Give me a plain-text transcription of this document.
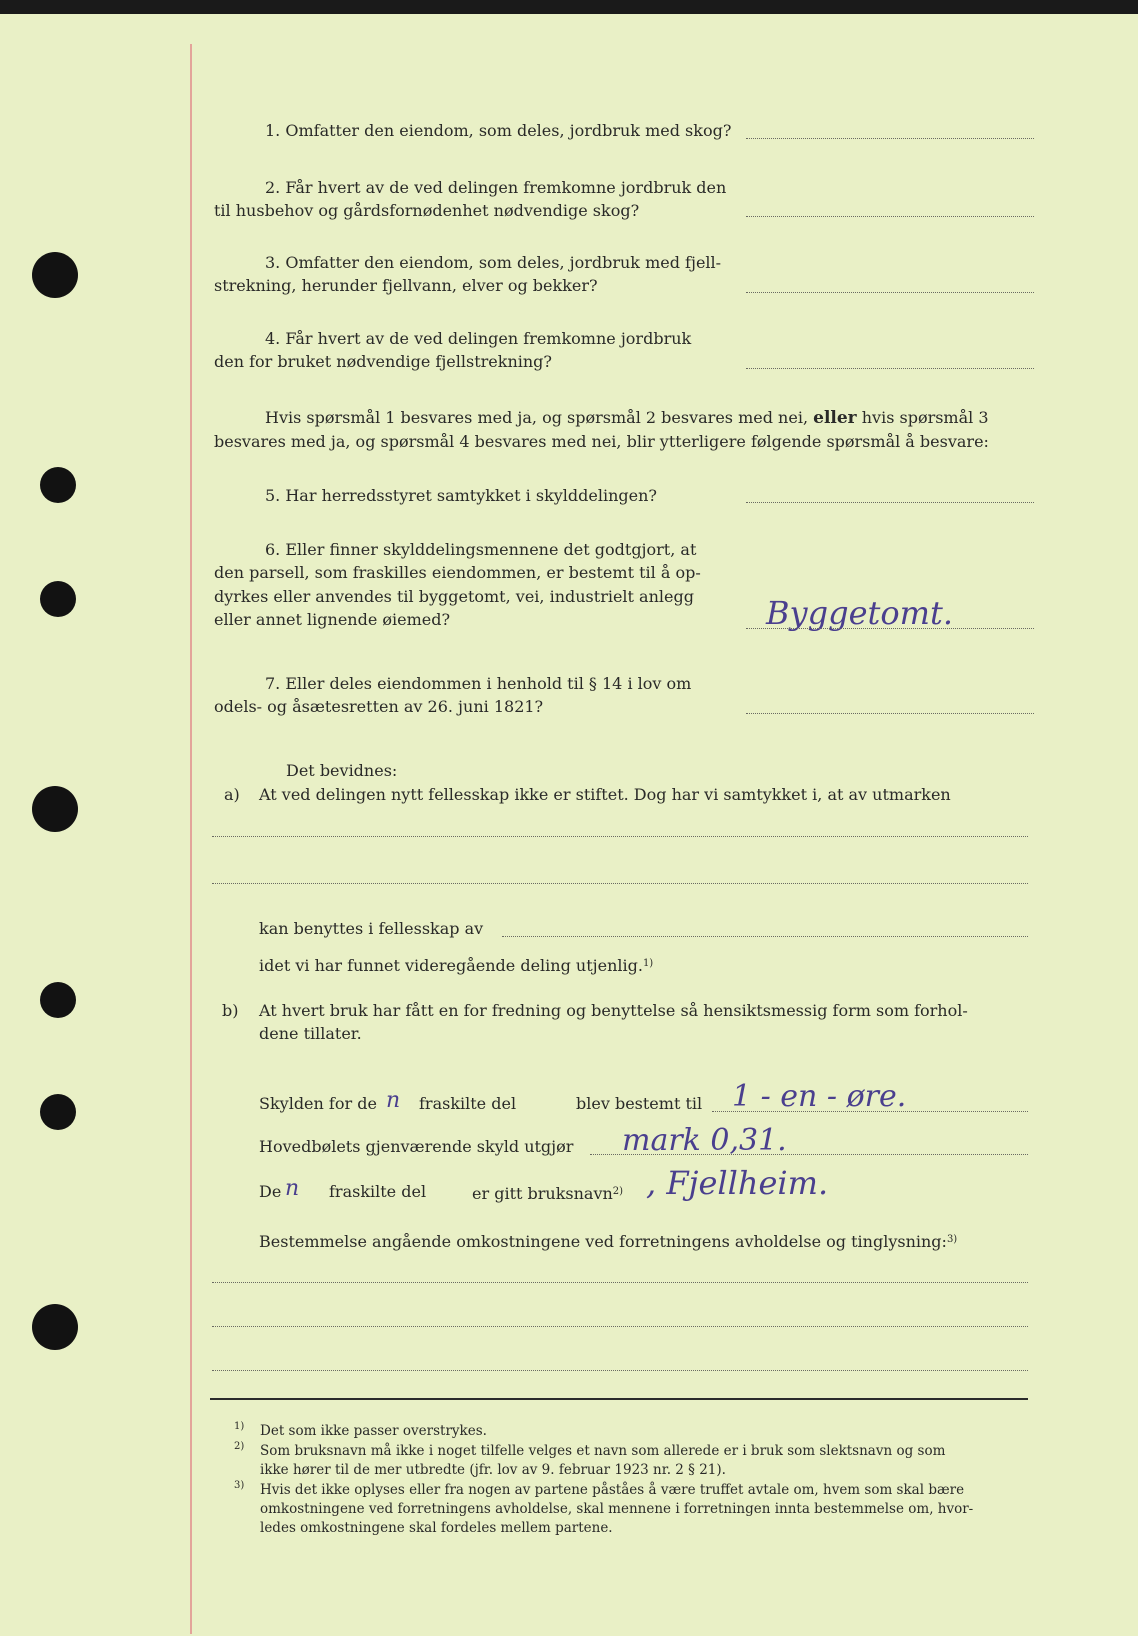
1. Omfatter den eiendom, som deles, jordbruk med skog?
2. Får hvert av de ved delingen fremkomne jordbruk den
til husbehov og gårdsfornødenhet nødvendige skog?
3. Omfatter den eiendom, som deles, jordbruk med fjell-
strekning, herunder fjellvann, elver og bekker?
4. Får hvert av de ved delingen fremkomne jordbruk
den for bruket nødvendige fjellstrekning?
Hvis spørsmål 1 besvares med ja, og spørsmål 2 besvares med nei, eller hvis spørsmål 3
besvares med ja, og spørsmål 4 besvares med nei, blir ytterligere følgende spørsmål å besvare:
5. Har herredsstyret samtykket i skylddelingen?
6. Eller finner skylddelingsmennene det godtgjort, at
den parsell, som fraskilles eiendommen, er bestemt til å op-
dyrkes eller anvendes til byggetomt, vei, industrielt anlegg
eller annet lignende øiemed?	Byggetomt.
7. Eller deles eiendommen i henhold til § 14 i lov om
odels- og åsætesretten av 26. juni 1821?
Det bevidnes:
a) At ved delingen nytt fellesskap ikke er stiftet. Dog har vi samtykket i, at av utmarken
kan benyttes i fellesskap av
idet vi har funnet videregående deling utjenlig.$^{1)}$
b) At hvert bruk har fått en for fredning og benyttelse så hensiktsmessig form som forhol-
dene tillater.
Skylden for de n fraskilte del	blev bestemt til 1 - en - øre.
Hovedbølets gjenværende skyld utgjør mark 0,31.
De n fraskilte del	er gitt bruksnavn$^{2)}$ , Fjellheim.
Bestemmelse angående omkostningene ved forretningens avholdelse og tinglysning:$^{3)}$
1) Det som ikke passer overstrykes.
2) Som bruksnavn må ikke i noget tilfelle velges et navn som allerede er i bruk som slektsnavn og som
ikke hører til de mer utbredte (jfr. lov av 9. februar 1923 nr. 2 § 21).
3) Hvis det ikke oplyses eller fra nogen av partene påståes å være truffet avtale om, hvem som skal bære
omkostningene ved forretningens avholdelse, skal mennene i forretningen innta bestemmelse om, hvor-
ledes omkostningene skal fordeles mellem partene.
